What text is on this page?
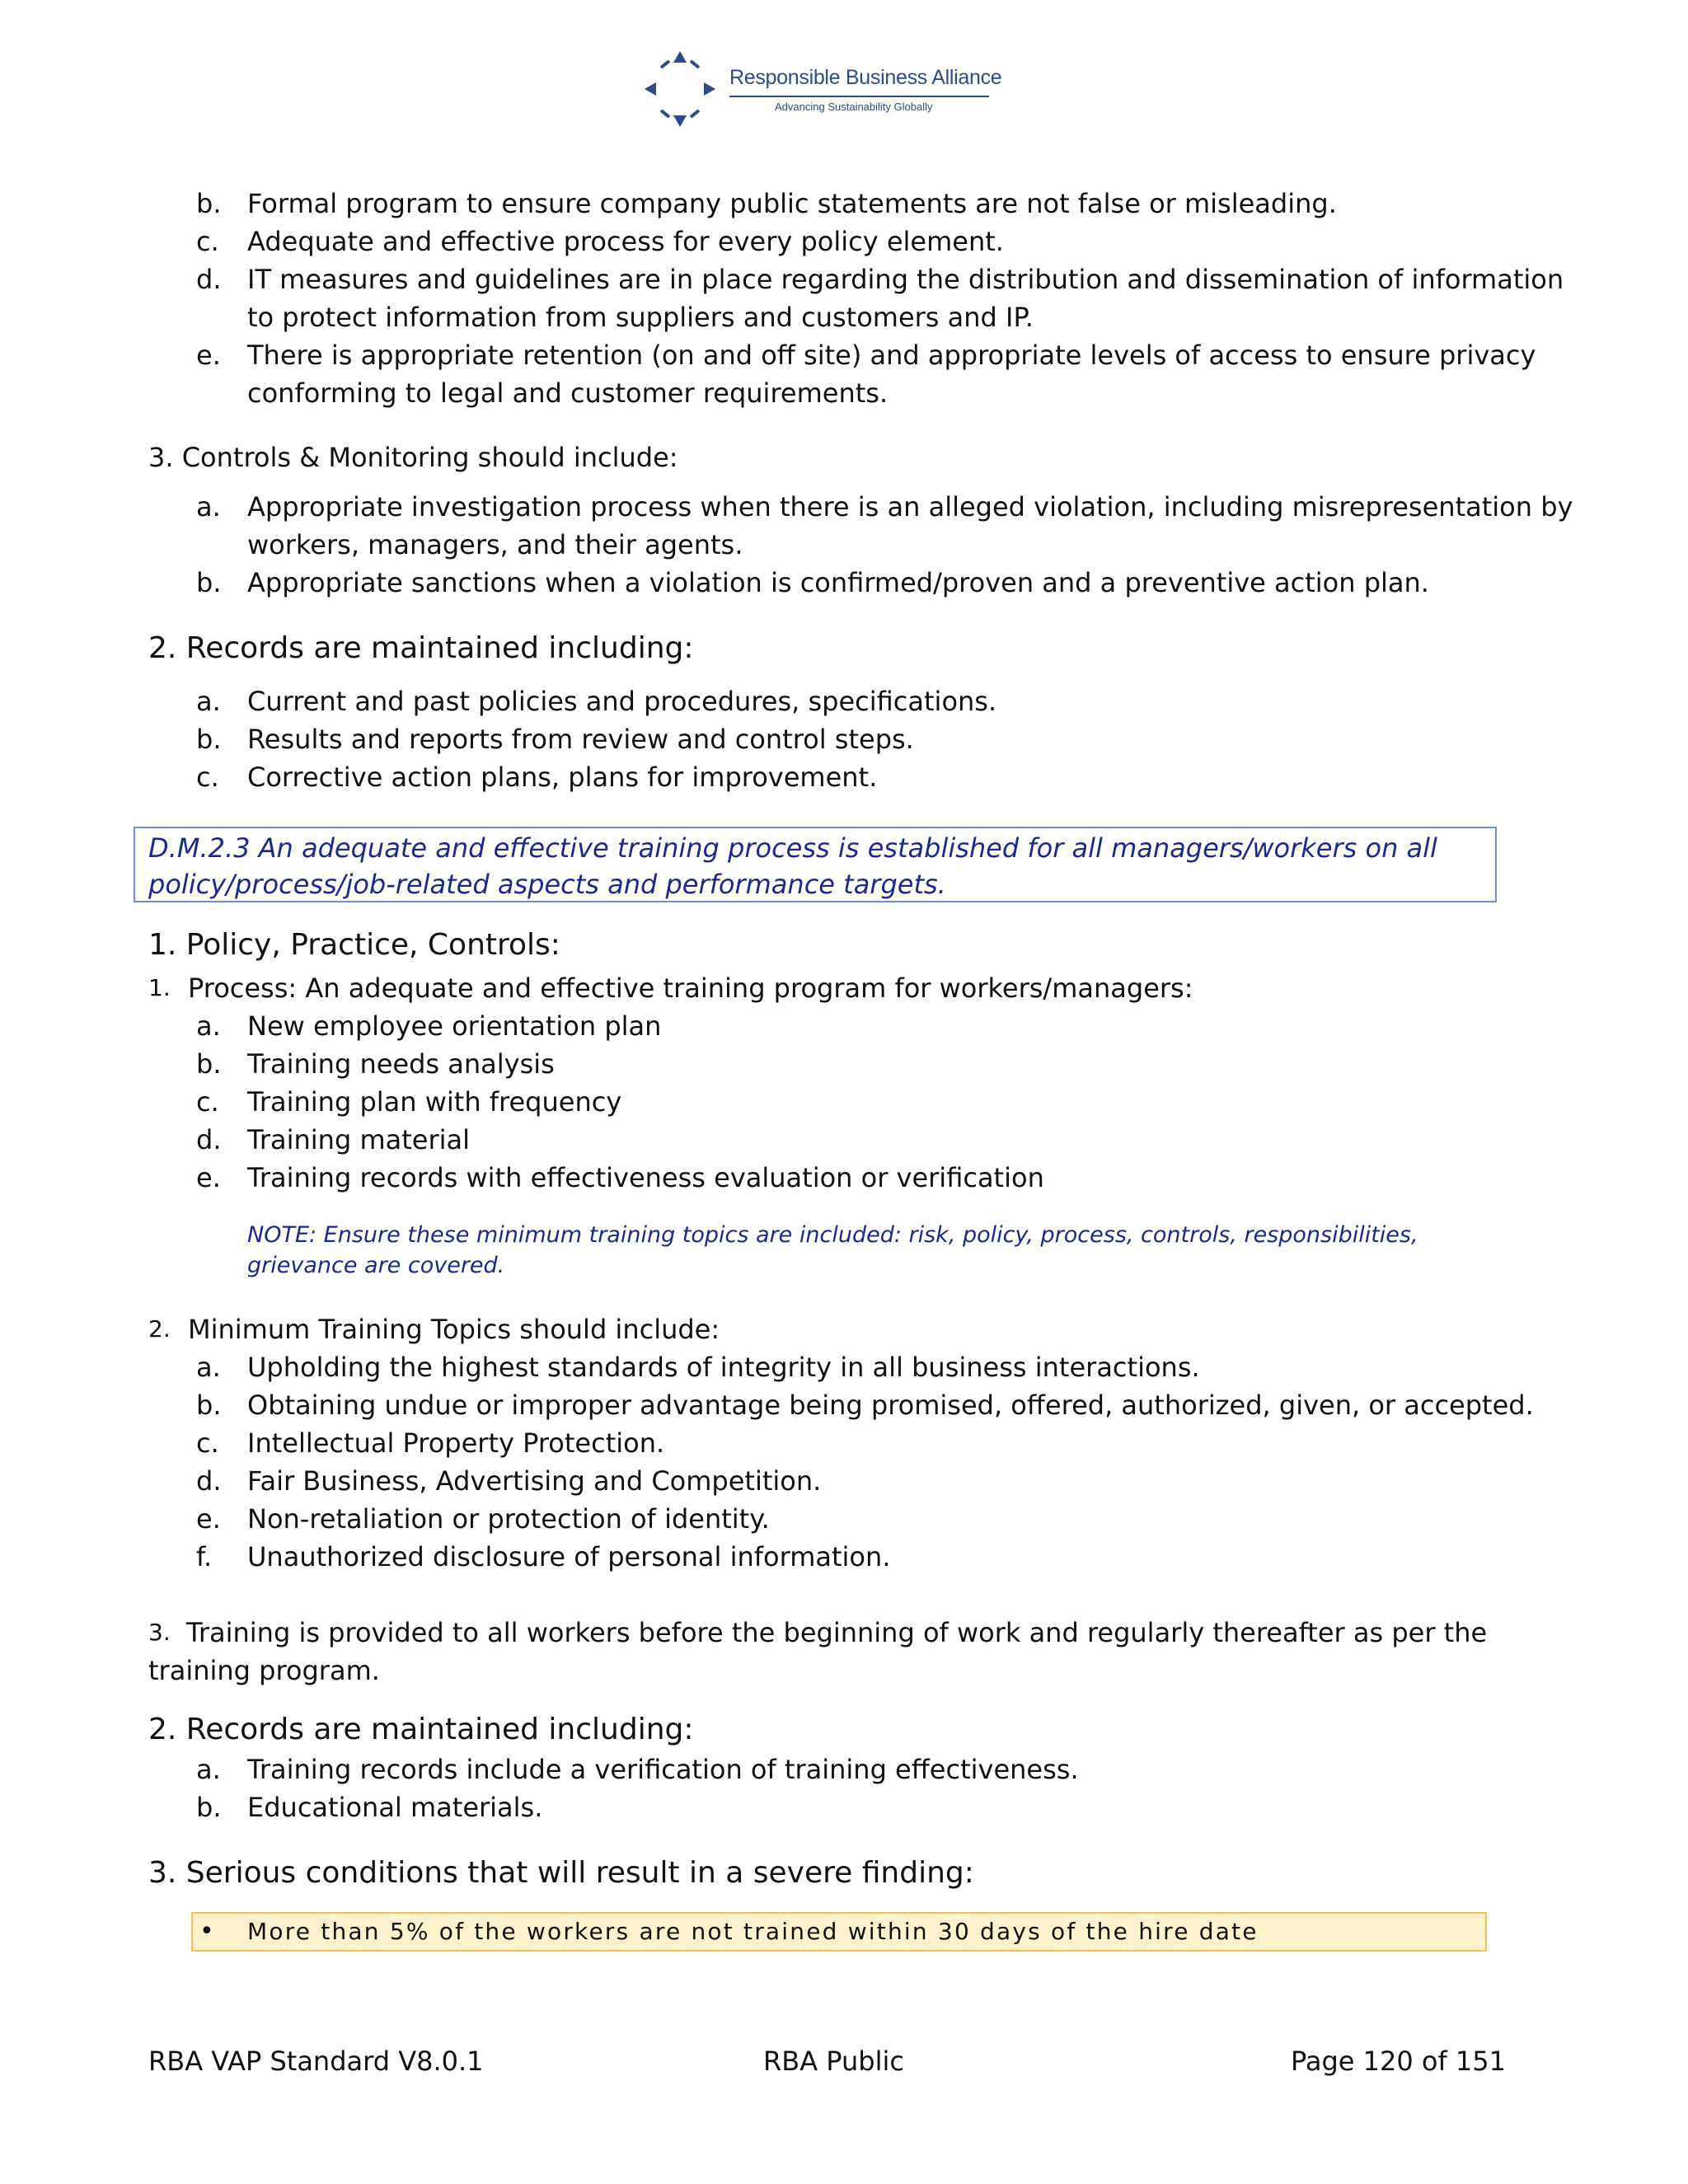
Responsible Business Alliance
Advancing Sustainability Globally
b. Formal program to ensure company public statements are not false or misleading.
c.	Adequate and effective process for every policy element.
d. IT measures and guidelines are in place regarding the distribution and dissemination of information
to protect information from suppliers and customers and IP.
e.	There is appropriate retention (on and off site) and appropriate levels of access to ensure privacy
conforming to legal and customer requirements.
3. Controls & Monitoring should include:
a.	Appropriate investigation process when there is an alleged violation, including misrepresentation by
workers, managers, and their agents.
b. Appropriate sanctions when a violation is confirmed/proven and a preventive action plan.
2. Records are maintained including:
a.	Current and past policies and procedures, specifications.
b. Results and reports from review and control steps.
c.	Corrective action plans, plans for improvement.
D.M.2.3 An adequate and effective training process is established for all managers/workers on all
policy/process/job-related aspects and performance targets.
1. Policy, Practice, Controls:
1. Process: An adequate and effective training program for workers/managers:
a.	New employee orientation plan
b. Training needs analysis
c.	Training plan with frequency
d. Training material
e.	Training records with effectiveness evaluation or verification
NOTE: Ensure these minimum training topics are included: risk, policy, process, controls, responsibilities,
grievance are covered.
2. Minimum Training Topics should include:
a.	Upholding the highest standards of integrity in all business interactions.
b. Obtaining undue or improper advantage being promised, offered, authorized, given, or accepted.
c.	Intellectual Property Protection.
d. Fair Business, Advertising and Competition.
e.	Non-retaliation or protection of identity.
f.	Unauthorized disclosure of personal information.
3. Training is provided to all workers before the beginning of work and regularly thereafter as per the
training program.
2. Records are maintained including:
a.	Training records include a verification of training effectiveness.
b. Educational materials.
3. Serious conditions that will result in a severe finding:
• More than 5% of the workers are not trained within 30 days of the hire date
RBA VAP Standard V8.0.1	RBA Public	Page 120 of 151
